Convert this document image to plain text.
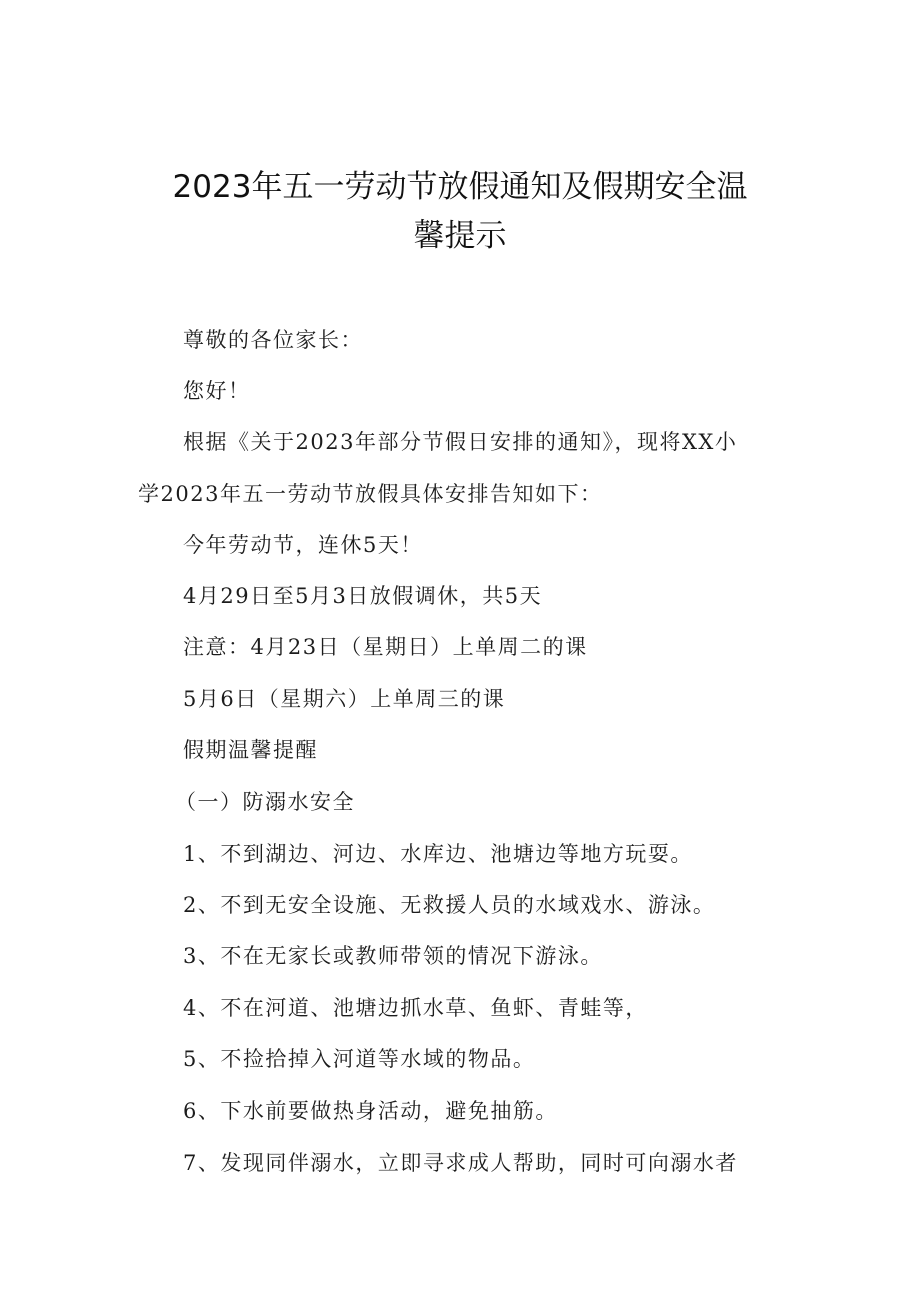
2023年五一劳动节放假通知及假期安全温
馨提示
尊敬的各位家长：
您好！
根据《关于2023年部分节假日安排的通知》，现将XX小
学2023年五一劳动节放假具体安排告知如下：
今年劳动节，连休5天！
4月29日至5月3日放假调休，共5天
注意：4月23日（星期日）上单周二的课
5月6日（星期六）上单周三的课
假期温馨提醒
（一）防溺水安全
1、不到湖边、河边、水库边、池塘边等地方玩耍。
2、不到无安全设施、无救援人员的水域戏水、游泳。
3、不在无家长或教师带领的情况下游泳。
4、不在河道、池塘边抓水草、鱼虾、青蛙等，
5、不捡拾掉入河道等水域的物品。
6、下水前要做热身活动，避免抽筋。
7、发现同伴溺水，立即寻求成人帮助，同时可向溺水者
